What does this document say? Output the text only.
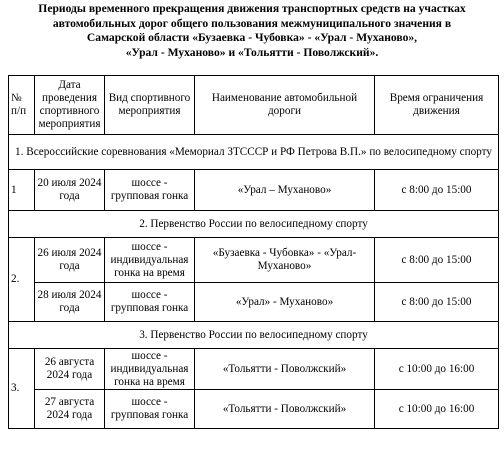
Периоды временного прекращения движения транспортных средств на участках
автомобильных дорог общего пользования межмуниципального значения в
Самарской области «Бузаевка - Чубовка» - «Урал - Муханово»,
«Урал - Муханово» и «Тольятти - Поволжский».
№ п/п	Дата проведения спортивного мероприятия	Вид спортивного мероприятия	Наименование автомобильной дороги	Время ограничения движения
1. Всероссийские соревнования «Мемориал ЗТСССР и РФ Петрова В.П.» по велосипедному спорту				
1	20 июля 2024 года	шоссе - групповая гонка	«Урал – Муханово»	с 8:00 до 15:00
2. Первенство России по велосипедному спорту				
2.	26 июля 2024 года	шоссе - индивидуальная гонка на время	«Бузаевка - Чубовка» - «Урал- Муханово»	с 8:00 до 15:00
	28 июля 2024 года	шоссе - групповая гонка	«Урал» - Муханово»	с 8:00 до 15:00
3. Первенство России по велосипедному спорту				
3.	26 августа 2024 года	шоссе - индивидуальная гонка на время	«Тольятти - Поволжский»	с 10:00 до 16:00
	27 августа 2024 года	шоссе - групповая гонка	«Тольятти - Поволжский»	с 10:00 до 16:00
